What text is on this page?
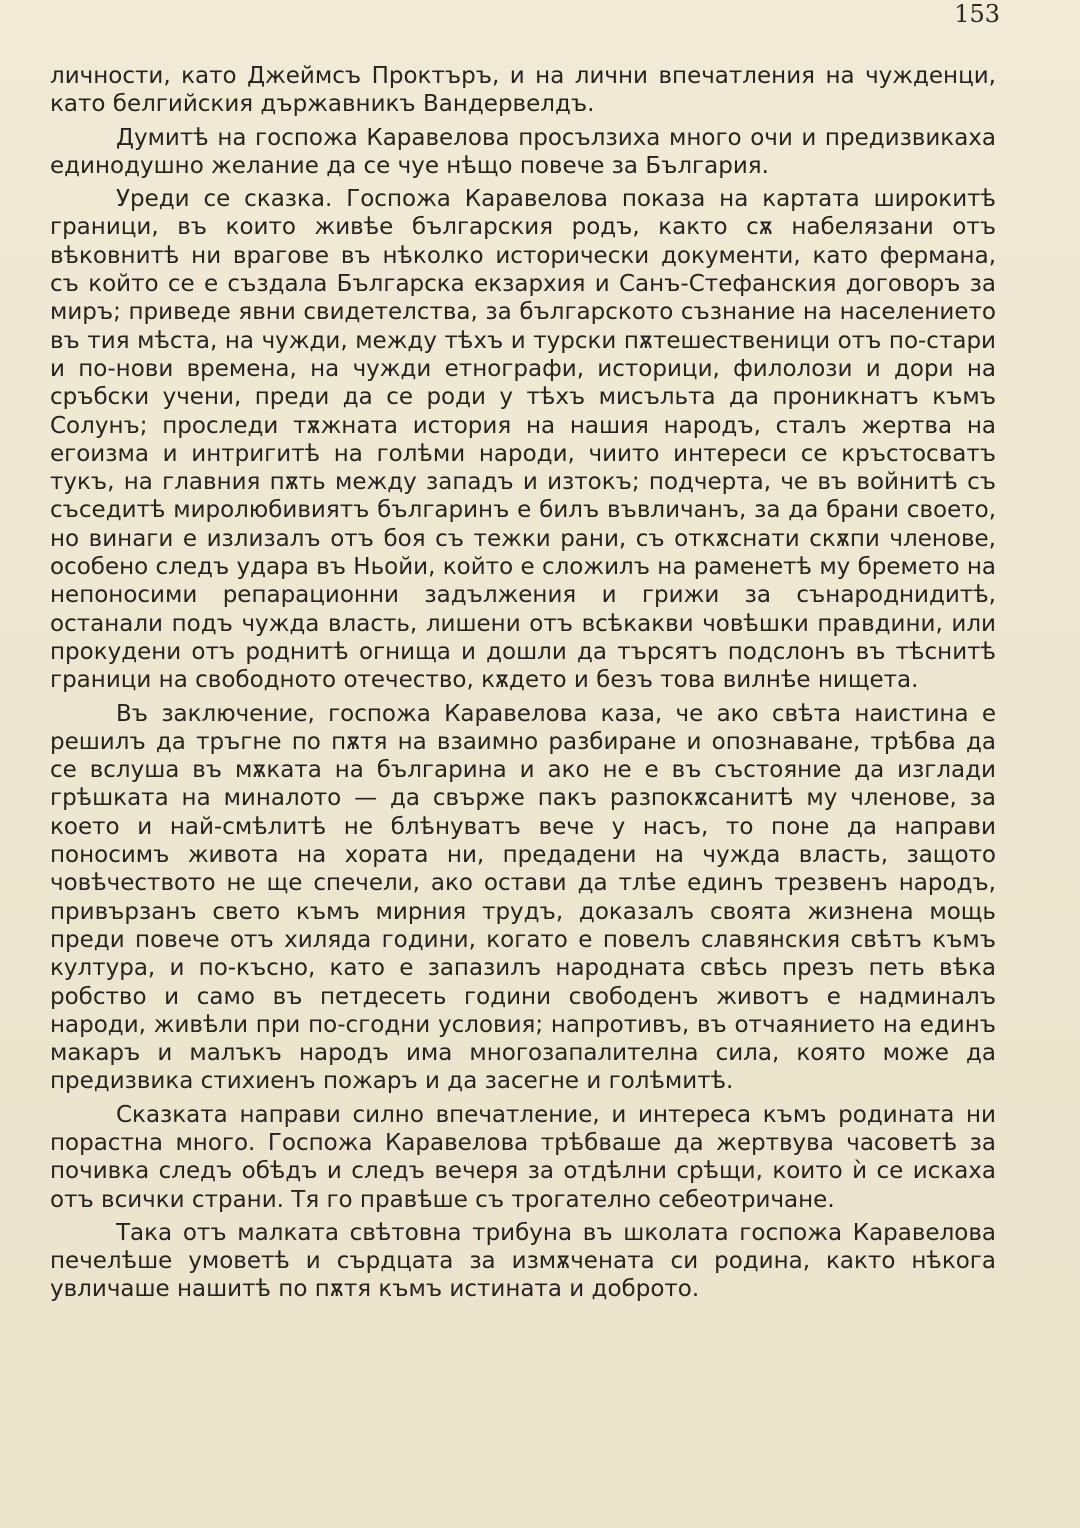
153

личности, като Джеймсъ Проктъръ, и на лични впечатления на чужденци, като белгийския държавникъ Вандервелдъ.

Думитѣ на госпожа Каравелова просълзиха много очи и предизвикаха единодушно желание да се чуе нѣщо повече за България.

Уреди се сказка. Госпожа Каравелова показа на картата широкитѣ граници, въ които живѣе българския родъ, както сѫ набелязани отъ вѣковнитѣ ни врагове въ нѣколко исторически документи, като фермана, съ който се е създала Българска екзархия и Санъ-Стефанския договоръ за миръ; приведе явни свидетелства, за българското съзнание на населението въ тия мѣста, на чужди, между тѣхъ и турски пѫтешественици отъ по-стари и по-нови времена, на чужди етнографи, историци, филолози и дори на сръбски учени, преди да се роди у тѣхъ мисъльта да проникнатъ къмъ Солунъ; проследи тѫжната история на нашия народъ, сталъ жертва на егоизма и интригитѣ на голѣми народи, чиито интереси се кръстосватъ тукъ, на главния пѫть между западъ и изтокъ; подчерта, че въ войнитѣ съ съседитѣ миролюбивиятъ българинъ е билъ въвличанъ, за да брани своето, но винаги е излизалъ отъ боя съ тежки рани, съ откѫснати скѫпи членове, особено следъ удара въ Ньойи, който е сложилъ на раменетѣ му бремето на непоносими репарационни задължения и грижи за сънароднидитѣ, останали подъ чужда власть, лишени отъ всѣкакви човѣшки правдини, или прокудени отъ роднитѣ огнища и дошли да търсятъ подслонъ въ тѣснитѣ граници на свободното отечество, кѫдето и безъ това вилнѣе нищета.

Въ заключение, госпожа Каравелова каза, че ако свѣта наистина е решилъ да тръгне по пѫтя на взаимно разбиране и опознаване, трѣбва да се вслуша въ мѫката на българина и ако не е въ състояние да изглади грѣшката на миналото — да свърже пакъ разпокѫсанитѣ му членове, за което и най-смѣлитѣ не блѣнуватъ вече у насъ, то поне да направи поносимъ живота на хората ни, предадени на чужда власть, защото човѣчеството не ще спечели, ако остави да тлѣе единъ трезвенъ народъ, привързанъ свето къмъ мирния трудъ, доказалъ своята жизнена мощь преди повече отъ хиляда години, когато е повелъ славянския свѣтъ къмъ култура, и по-късно, като е запазилъ народната свѣсь презъ петь вѣка робство и само въ петдесеть години свободенъ животъ е надминалъ народи, живѣли при по-сгодни условия; напротивъ, въ отчаянието на единъ макаръ и малъкъ народъ има многозапалителна сила, която може да предизвика стихиенъ пожаръ и да засегне и голѣмитѣ.

Сказката направи силно впечатление, и интереса къмъ родината ни порастна много. Госпожа Каравелова трѣбваше да жертвува часоветѣ за почивка следъ обѣдъ и следъ вечеря за отдѣлни срѣщи, които ѝ се искаха отъ всички страни. Тя го правѣше съ трогателно себеотричане.

Така отъ малката свѣтовна трибуна въ школата госпожа Каравелова печелѣше умоветѣ и сърдцата за измѫчената си родина, както нѣкога увличаше нашитѣ по пѫтя къмъ истината и доброто.
